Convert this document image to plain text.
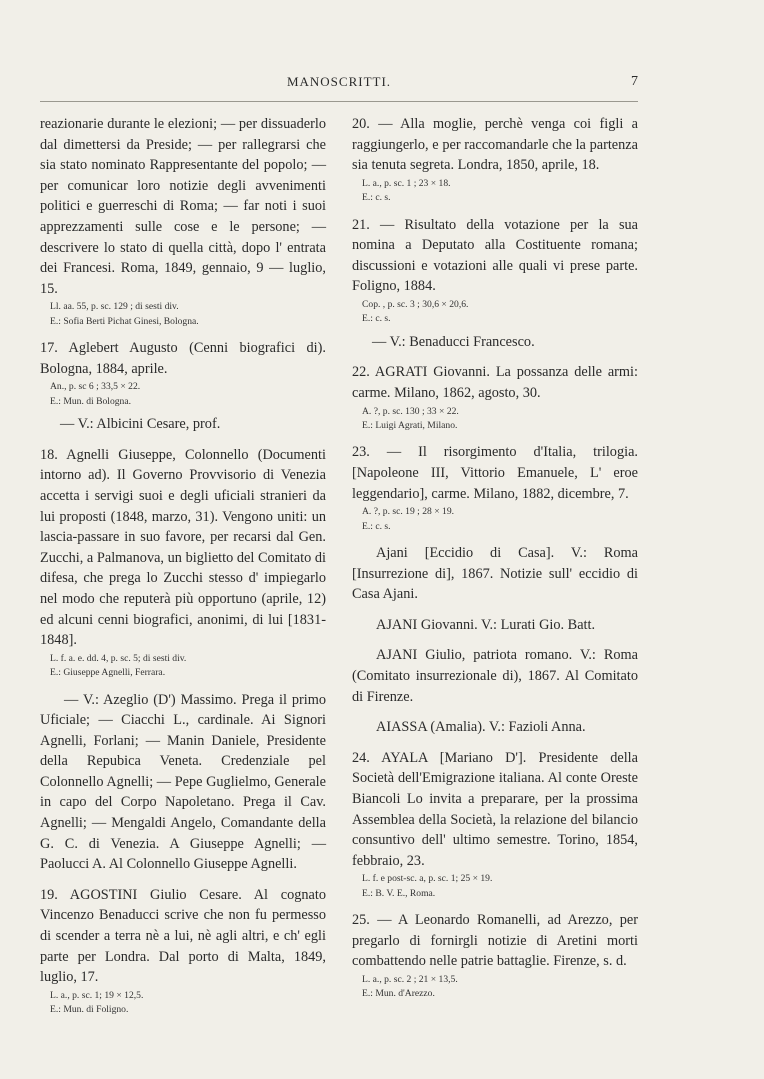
MANOSCRITTI.	7

reazionarie durante le elezioni; — per dissuaderlo dal dimettersi da Preside; — per rallegrarsi che sia stato nominato Rappresentante del popolo; — per comunicar loro notizie degli avvenimenti politici e guerreschi di Roma; — far noti i suoi apprezzamenti sulle cose e le persone; — descrivere lo stato di quella città, dopo l' entrata dei Francesi. Roma, 1849, gennaio, 9 — luglio, 15.

Ll. aa. 55, p. sc. 129 ; di sesti div.

E.: Sofia Berti Pichat Ginesi, Bologna.

17. Aglebert Augusto (Cenni biografici di). Bologna, 1884, aprile.

An., p. sc 6 ; 33,5 × 22.

E.: Mun. di Bologna.

— V.: Albicini Cesare, prof.

18. Agnelli Giuseppe, Colonnello (Documenti intorno ad). Il Governo Provvisorio di Venezia accetta i servigi suoi e degli uficiali stranieri da lui proposti (1848, marzo, 31). Vengono uniti: un lascia-passare in suo favore, per recarsi dal Gen. Zucchi, a Palmanova, un biglietto del Comitato di difesa, che prega lo Zucchi stesso d' impiegarlo nel modo che reputerà più opportuno (aprile, 12) ed alcuni cenni biografici, anonimi, di lui [1831-1848].

L. f. a. e. dd. 4, p. sc. 5; di sesti div.

E.: Giuseppe Agnelli, Ferrara.

— V.: Azeglio (D') Massimo. Prega il primo Uficiale; — Ciacchi L., cardinale. Ai Signori Agnelli, Forlani; — Manin Daniele, Presidente della Repubica Veneta. Credenziale pel Colonnello Agnelli; — Pepe Guglielmo, Generale in capo del Corpo Napoletano. Prega il Cav. Agnelli; — Mengaldi Angelo, Comandante della G. C. di Venezia. A Giuseppe Agnelli; — Paolucci A. Al Colonnello Giuseppe Agnelli.

19. AGOSTINI Giulio Cesare. Al cognato Vincenzo Benaducci scrive che non fu permesso di scender a terra nè a lui, nè agli altri, e ch' egli parte per Londra. Dal porto di Malta, 1849, luglio, 17.

L. a., p. sc. 1; 19 × 12,5.

E.: Mun. di Foligno.

20. — Alla moglie, perchè venga coi figli a raggiungerlo, e per raccomandarle che la partenza sia tenuta segreta. Londra, 1850, aprile, 18.

L. a., p. sc. 1 ; 23 × 18.

E.: c. s.

21. — Risultato della votazione per la sua nomina a Deputato alla Costituente romana; discussioni e votazioni alle quali vi prese parte. Foligno, 1884.

Cop. , p. sc. 3 ; 30,6 × 20,6.

E.: c. s.

— V.: Benaducci Francesco.

22. AGRATI Giovanni. La possanza delle armi: carme. Milano, 1862, agosto, 30.

A. ?, p. sc. 130 ; 33 × 22.

E.: Luigi Agrati, Milano.

23. — Il risorgimento d'Italia, trilogia. [Napoleone III, Vittorio Emanuele, L' eroe leggendario], carme. Milano, 1882, dicembre, 7.

A. ?, p. sc. 19 ; 28 × 19.

E.: c. s.

Ajani [Eccidio di Casa]. V.: Roma [Insurrezione di], 1867. Notizie sull' eccidio di Casa Ajani.

AJANI Giovanni. V.: Lurati Gio. Batt.

AJANI Giulio, patriota romano. V.: Roma (Comitato insurrezionale di), 1867. Al Comitato di Firenze.

AIASSA (Amalia). V.: Fazioli Anna.

24. AYALA [Mariano D']. Presidente della Società dell'Emigrazione italiana. Al conte Oreste Biancoli Lo invita a preparare, per la prossima Assemblea della Società, la relazione del bilancio consuntivo dell' ultimo semestre. Torino, 1854, febbraio, 23.

L. f. e post-sc. a, p. sc. 1; 25 × 19.

E.: B. V. E., Roma.

25. — A Leonardo Romanelli, ad Arezzo, per pregarlo di fornirgli notizie di Aretini morti combattendo nelle patrie battaglie. Firenze, s. d.

L. a., p. sc. 2 ; 21 × 13,5.

E.: Mun. d'Arezzo.
